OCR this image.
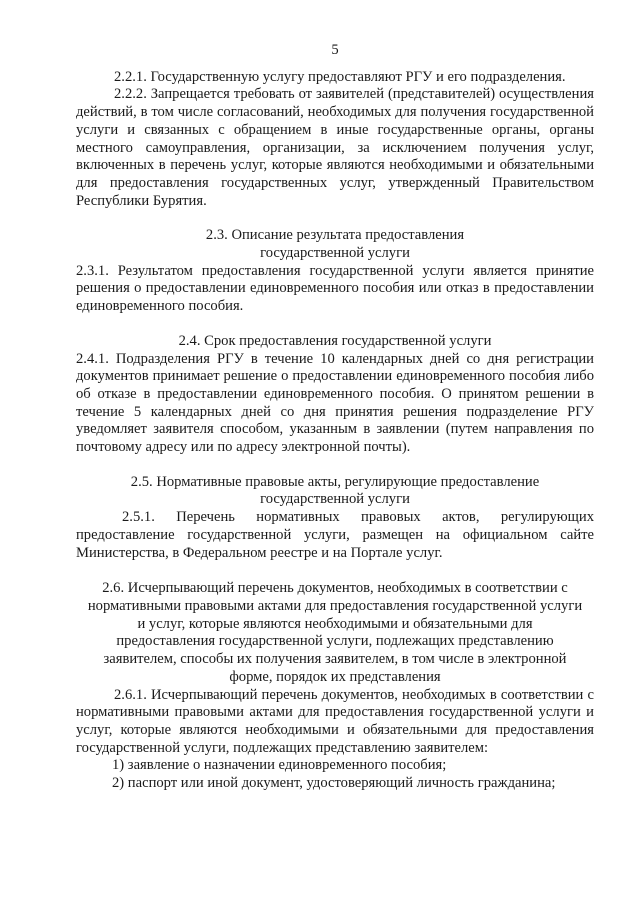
5

2.2.1. Государственную услугу предоставляют РГУ и его подразделения.

2.2.2. Запрещается требовать от заявителей (представителей) осуществления действий, в том числе согласований, необходимых для получения государственной услуги и связанных с обращением в иные государственные органы, органы местного самоуправления, организации, за исключением получения услуг, включенных в перечень услуг, которые являются необходимыми и обязательными для предоставления государственных услуг, утвержденный Правительством Республики Бурятия.

2.3. Описание результата предоставления
государственной услуги

2.3.1. Результатом предоставления государственной услуги является принятие решения о предоставлении единовременного пособия или отказ в предоставлении единовременного пособия.

2.4. Срок предоставления государственной услуги

2.4.1. Подразделения РГУ в течение 10 календарных дней со дня регистрации документов принимает решение о предоставлении единовременного пособия либо об отказе в предоставлении единовременного пособия. О принятом решении в течение 5 календарных дней со дня принятия решения подразделение РГУ уведомляет заявителя способом, указанным в заявлении (путем направления по почтовому адресу или по адресу электронной почты).

2.5. Нормативные правовые акты, регулирующие предоставление
государственной услуги

2.5.1. Перечень нормативных правовых актов, регулирующих предоставление государственной услуги, размещен на официальном сайте Министерства, в Федеральном реестре и на Портале услуг.

2.6. Исчерпывающий перечень документов, необходимых в соответствии с
нормативными правовыми актами для предоставления государственной услуги
и услуг, которые являются необходимыми и обязательными для
предоставления государственной услуги, подлежащих представлению
заявителем, способы их получения заявителем, в том числе в электронной
форме, порядок их представления

2.6.1. Исчерпывающий перечень документов, необходимых в соответствии с нормативными правовыми актами для предоставления государственной услуги и услуг, которые являются необходимыми и обязательными для предоставления государственной услуги, подлежащих представлению заявителем:

1) заявление о назначении единовременного пособия;

2) паспорт или иной документ, удостоверяющий личность гражданина;
